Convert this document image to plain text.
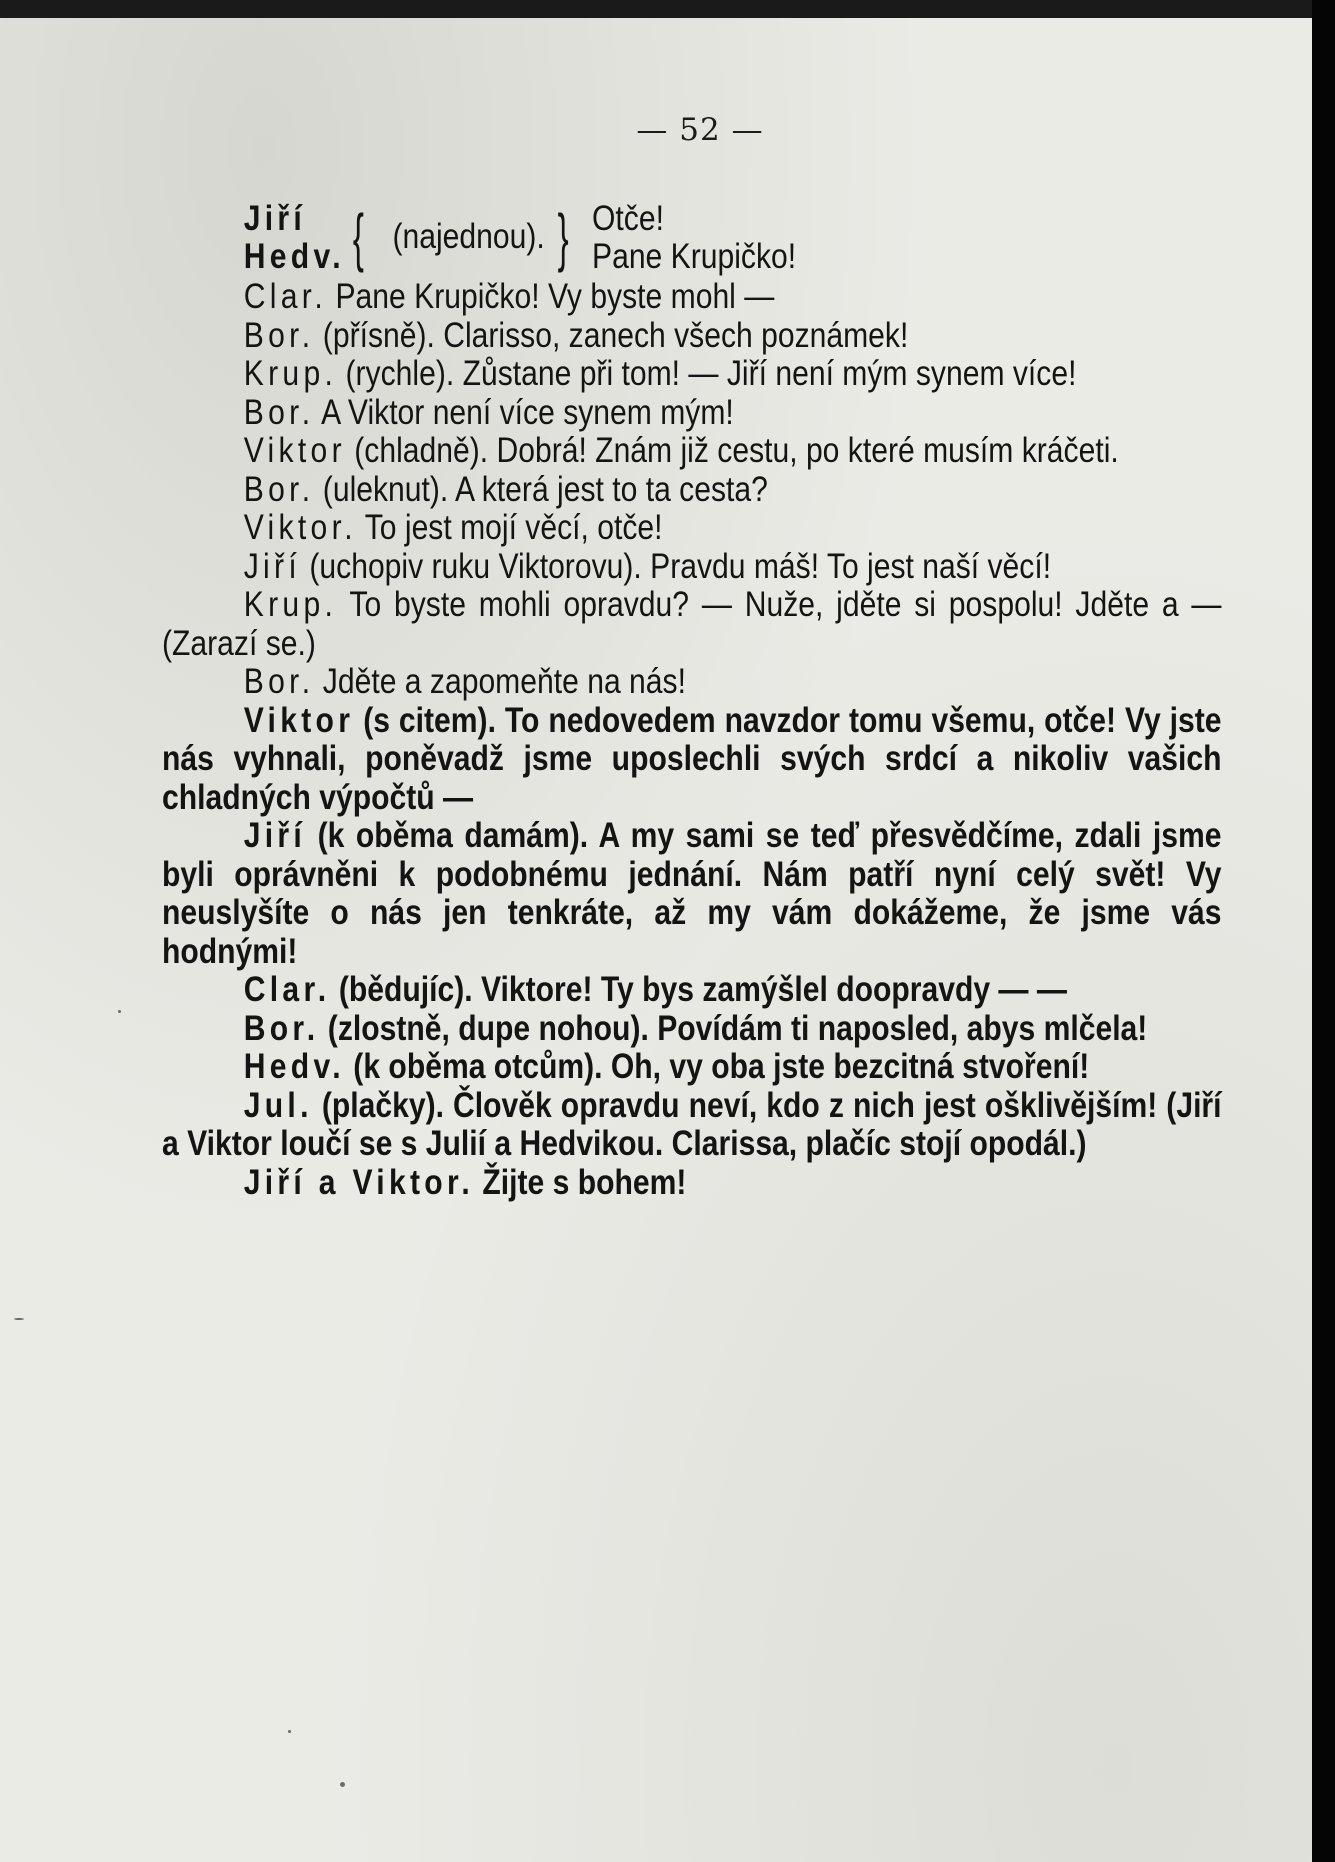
— 52 —
Jiří
Hedv. { (najednou). } Otče!
Pane Krupičko!

Clar. Pane Krupičko! Vy byste mohl —

Bor. (přísně). Clarisso, zanech všech poznámek!

Krup. (rychle). Zůstane při tom! — Jiří není mým synem více!

Bor. A Viktor není více synem mým!

Viktor (chladně). Dobrá! Znám již cestu, po které musím kráčeti.

Bor. (uleknut). A která jest to ta cesta?

Viktor. To jest mojí věcí, otče!

Jiří (uchopiv ruku Viktorovu). Pravdu máš! To jest naší věcí!

Krup. To byste mohli opravdu? — Nuže, jděte si pospolu! Jděte a — (Zarazí se.)

Bor. Jděte a zapomeňte na nás!

Viktor (s citem). To nedovedem navzdor tomu všemu, otče! Vy jste nás vyhnali, poněvadž jsme uposlechli svých srdcí a nikoliv vašich chladných výpočtů —

Jiří (k oběma damám). A my sami se teď přesvědčíme, zdali jsme byli oprávněni k podobnému jednání. Nám patří nyní celý svět! Vy neuslyšíte o nás jen tenkráte, až my vám dokážeme, že jsme vás hodnými!

Clar. (bědujíc). Viktore! Ty bys zamýšlel doopravdy — —

Bor. (zlostně, dupe nohou). Povídám ti naposled, abys mlčela!

Hedv. (k oběma otcům). Oh, vy oba jste bezcitná stvoření!

Jul. (plačky). Člověk opravdu neví, kdo z nich jest ošklivějším! (Jiří a Viktor loučí se s Julií a Hedvikou. Clarissa, plačíc stojí opodál.)

Jiří a Viktor. Žijte s bohem!
